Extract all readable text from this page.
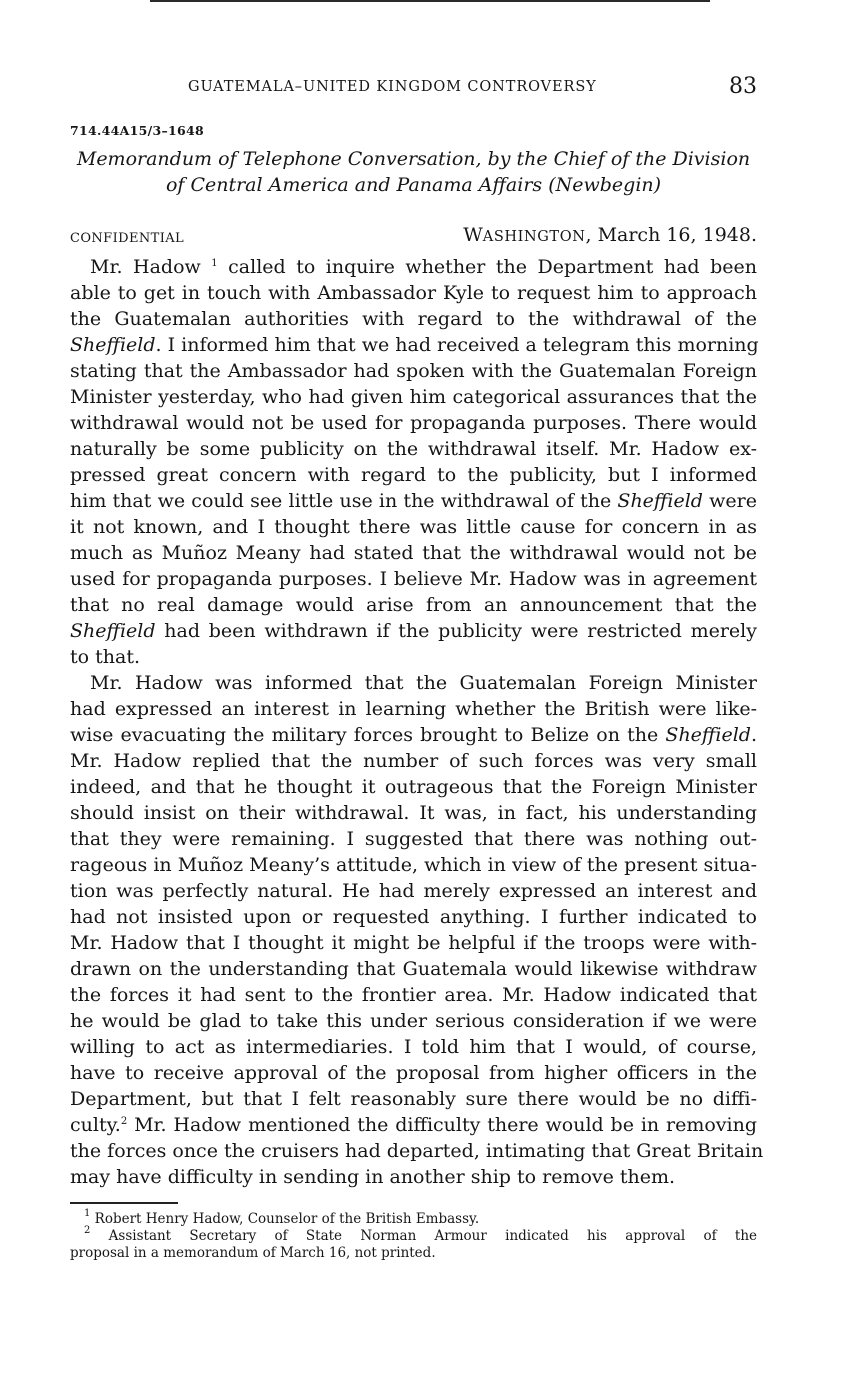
GUATEMALA–UNITED KINGDOM CONTROVERSY	83
714.44A15/3–1648
Memorandum of Telephone Conversation, by the Chief of the Division
of Central America and Panama Affairs (Newbegin)
CONFIDENTIAL	WASHINGTON, March 16, 1948.
Mr. Hadow $^1$ called to inquire whether the Department had been
able to get in touch with Ambassador Kyle to request him to approach
the Guatemalan authorities with regard to the withdrawal of the
Sheffield. I informed him that we had received a telegram this morning
stating that the Ambassador had spoken with the Guatemalan Foreign
Minister yesterday, who had given him categorical assurances that the
withdrawal would not be used for propaganda purposes. There would
naturally be some publicity on the withdrawal itself. Mr. Hadow ex-
pressed great concern with regard to the publicity, but I informed
him that we could see little use in the withdrawal of the Sheffield were
it not known, and I thought there was little cause for concern in as
much as Muñoz Meany had stated that the withdrawal would not be
used for propaganda purposes. I believe Mr. Hadow was in agreement
that no real damage would arise from an announcement that the
Sheffield had been withdrawn if the publicity were restricted merely
to that.
Mr. Hadow was informed that the Guatemalan Foreign Minister
had expressed an interest in learning whether the British were like-
wise evacuating the military forces brought to Belize on the Sheffield.
Mr. Hadow replied that the number of such forces was very small
indeed, and that he thought it outrageous that the Foreign Minister
should insist on their withdrawal. It was, in fact, his understanding
that they were remaining. I suggested that there was nothing out-
rageous in Muñoz Meany’s attitude, which in view of the present situa-
tion was perfectly natural. He had merely expressed an interest and
had not insisted upon or requested anything. I further indicated to
Mr. Hadow that I thought it might be helpful if the troops were with-
drawn on the understanding that Guatemala would likewise withdraw
the forces it had sent to the frontier area. Mr. Hadow indicated that
he would be glad to take this under serious consideration if we were
willing to act as intermediaries. I told him that I would, of course,
have to receive approval of the proposal from higher officers in the
Department, but that I felt reasonably sure there would be no diffi-
culty.$^2$ Mr. Hadow mentioned the difficulty there would be in removing
the forces once the cruisers had departed, intimating that Great Britain
may have difficulty in sending in another ship to remove them.
$^1$ Robert Henry Hadow, Counselor of the British Embassy.
$^2$ Assistant Secretary of State Norman Armour indicated his approval of the
proposal in a memorandum of March 16, not printed.
